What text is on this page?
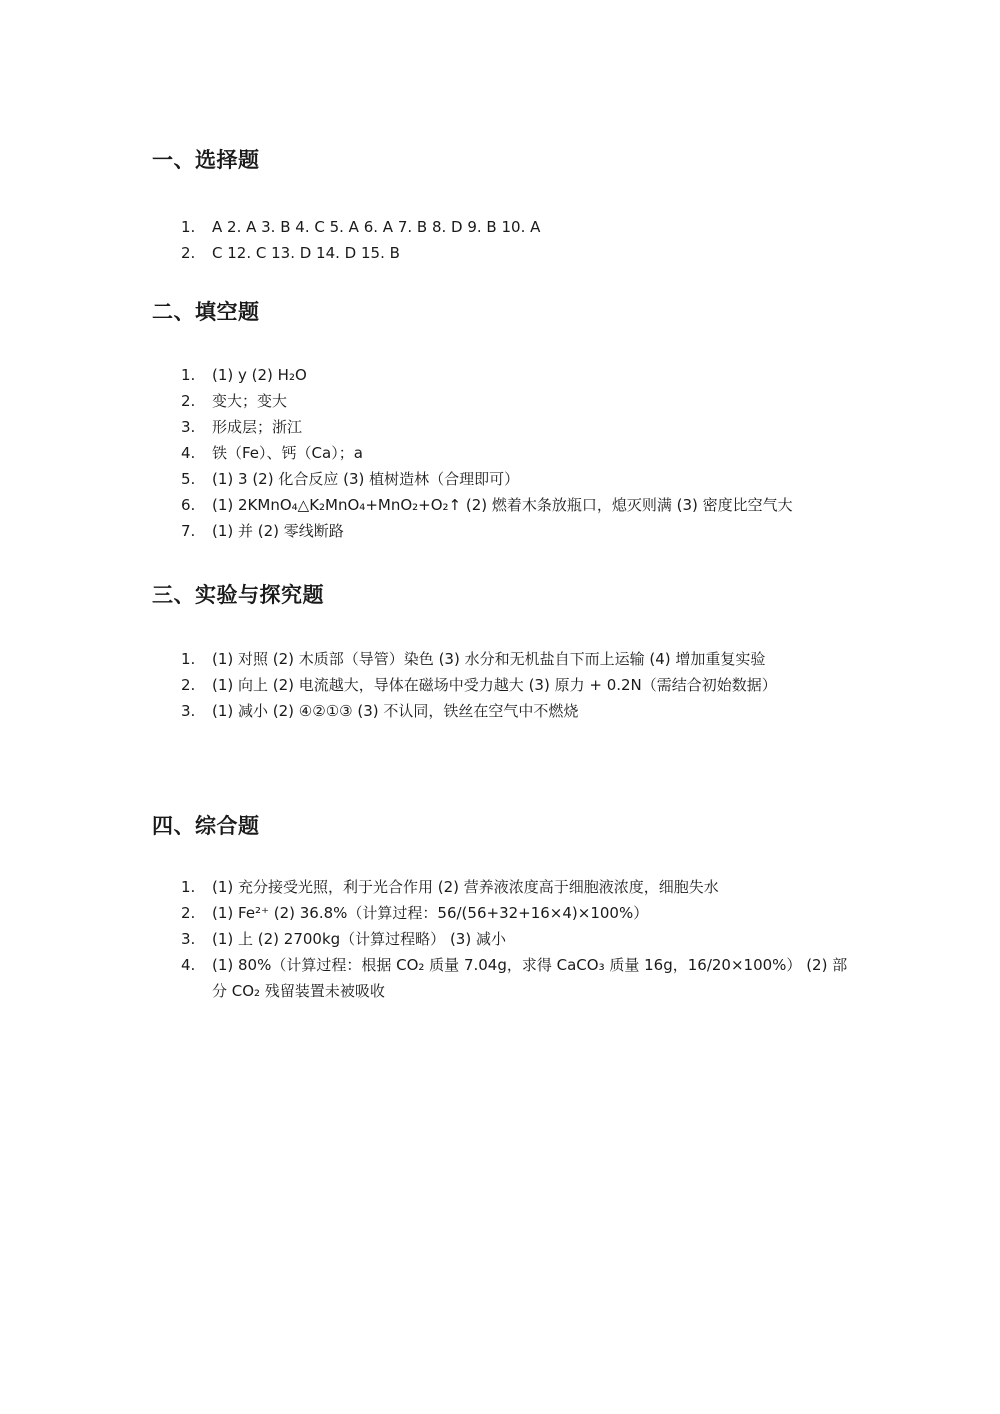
一、选择题
1. A 2. A 3. B 4. C 5. A 6. A 7. B 8. D 9. B 10. A
2. C 12. C 13. D 14. D 15. B
二、填空题
1. (1) y (2) H₂O
2. 变大；变大
3. 形成层；浙江
4. 铁（Fe）、钙（Ca）；a
5. (1) 3 (2) 化合反应 (3) 植树造林（合理即可）
6. (1) 2KMnO₄△K₂MnO₄+MnO₂+O₂↑ (2) 燃着木条放瓶口，熄灭则满 (3) 密度比空气大
7. (1) 并 (2) 零线断路
三、实验与探究题
1. (1) 对照 (2) 木质部（导管）染色 (3) 水分和无机盐自下而上运输 (4) 增加重复实验
2. (1) 向上 (2) 电流越大，导体在磁场中受力越大 (3) 原力 + 0.2N（需结合初始数据）
3. (1) 减小 (2) ④②①③ (3) 不认同，铁丝在空气中不燃烧
四、综合题
1. (1) 充分接受光照，利于光合作用 (2) 营养液浓度高于细胞液浓度，细胞失水
2. (1) Fe²⁺ (2) 36.8%（计算过程：56/(56+32+16×4)×100%）
3. (1) 上 (2) 2700kg（计算过程略） (3) 减小
4. (1) 80%（计算过程：根据 CO₂ 质量 7.04g，求得 CaCO₃ 质量 16g，16/20×100%） (2) 部分 CO₂ 残留装置未被吸收
